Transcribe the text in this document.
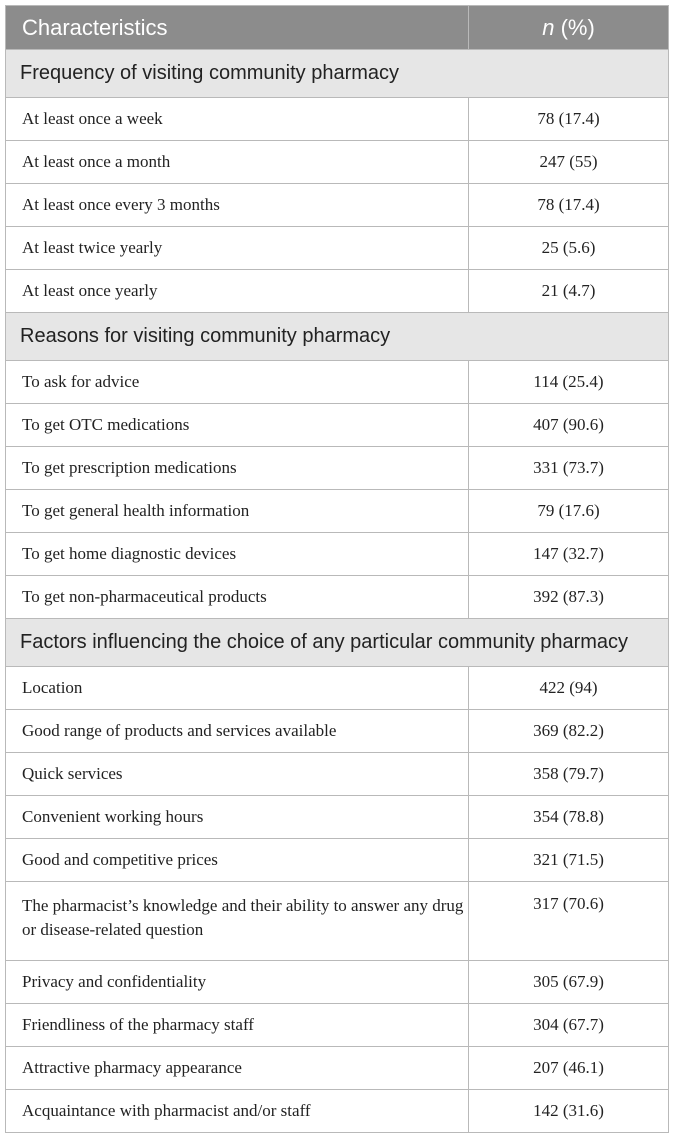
Characteristics	n (%)
Frequency of visiting community pharmacy	
At least once a week	78 (17.4)
At least once a month	247 (55)
At least once every 3 months	78 (17.4)
At least twice yearly	25 (5.6)
At least once yearly	21 (4.7)
Reasons for visiting community pharmacy	
To ask for advice	114 (25.4)
To get OTC medications	407 (90.6)
To get prescription medications	331 (73.7)
To get general health information	79 (17.6)
To get home diagnostic devices	147 (32.7)
To get non-pharmaceutical products	392 (87.3)
Factors influencing the choice of any particular community pharmacy	
Location	422 (94)
Good range of products and services available	369 (82.2)
Quick services	358 (79.7)
Convenient working hours	354 (78.8)
Good and competitive prices	321 (71.5)
The pharmacist’s knowledge and their ability to answer any drug or disease-related question	317 (70.6)
Privacy and confidentiality	305 (67.9)
Friendliness of the pharmacy staff	304 (67.7)
Attractive pharmacy appearance	207 (46.1)
Acquaintance with pharmacist and/or staff	142 (31.6)
